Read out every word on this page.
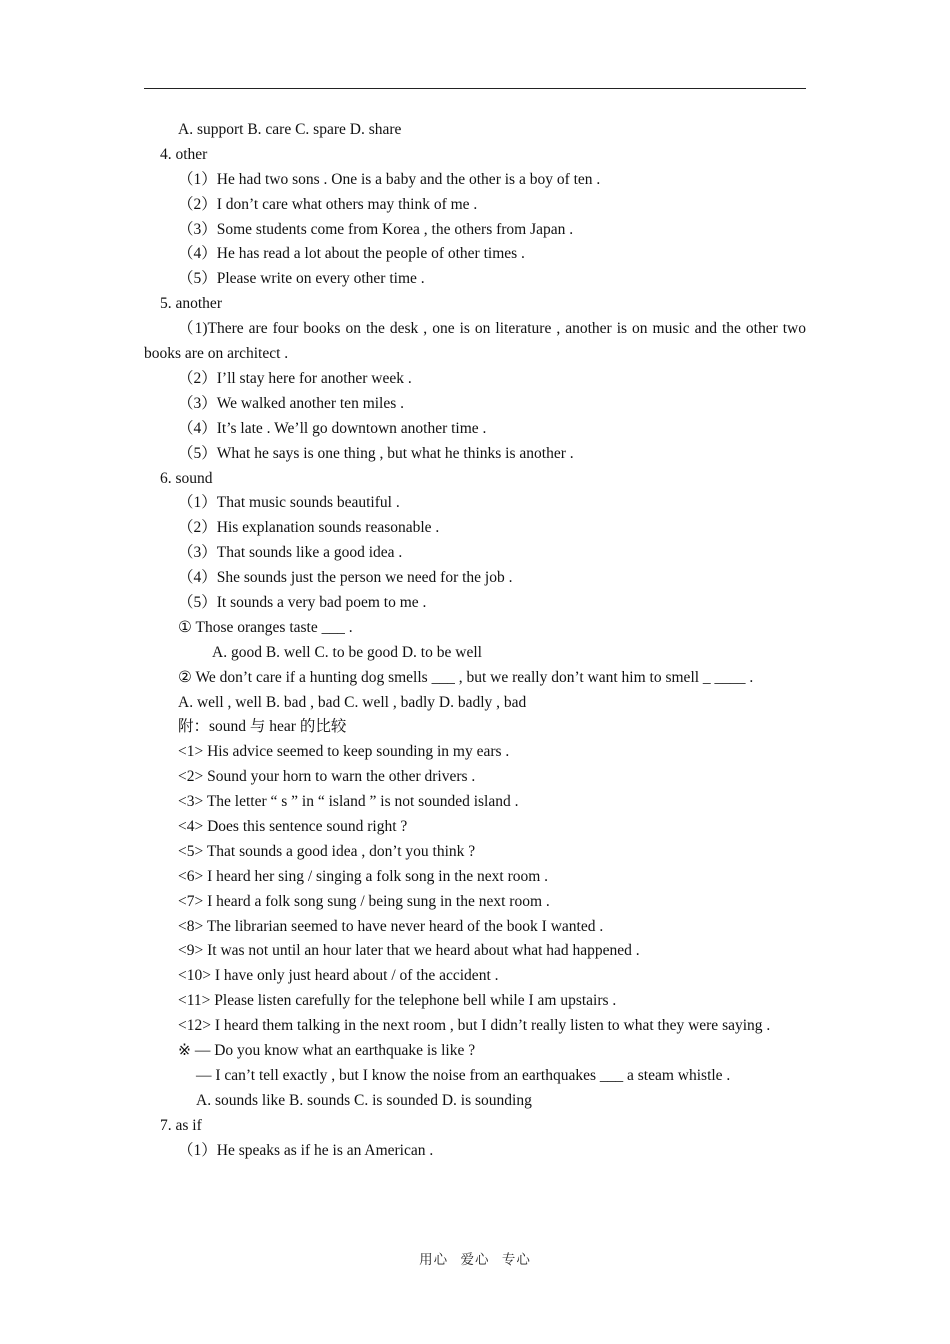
A. support B. care C. spare D. share
4. other
（1）He had two sons . One is a baby and the other is a boy of ten .
（2）I don’t care what others may think of me .
（3）Some students come from Korea , the others from Japan .
（4）He has read a lot about the people of other times .
（5）Please write on every other time .
5. another
（1)There are four books on the desk , one is on literature , another is on music and the other two books are on architect .
（2）I’ll stay here for another week .
（3）We walked another ten miles .
（4）It’s late . We’ll go downtown another time .
（5）What he says is one thing , but what he thinks is another .
6. sound
（1）That music sounds beautiful .
（2）His explanation sounds reasonable .
（3）That sounds like a good idea .
（4）She sounds just the person we need for the job .
（5）It sounds a very bad poem to me .
① Those oranges taste ___ .
A. good B. well C. to be good D. to be well
② We don’t care if a hunting dog smells ___ , but we really don’t want him to smell _ ____ .
A. well , well B. bad , bad C. well , badly D. badly , bad
附：sound 与 hear 的比较
<1> His advice seemed to keep sounding in my ears .
<2> Sound your horn to warn the other drivers .
<3> The letter “ s ” in “ island ” is not sounded island .
<4> Does this sentence sound right ?
<5> That sounds a good idea , don’t you think ?
<6> I heard her sing / singing a folk song in the next room .
<7> I heard a folk song sung / being sung in the next room .
<8> The librarian seemed to have never heard of the book I wanted .
<9> It was not until an hour later that we heard about what had happened .
<10> I have only just heard about / of the accident .
<11> Please listen carefully for the telephone bell while I am upstairs .
<12> I heard them talking in the next room , but I didn’t really listen to what they were saying .
※ — Do you know what an earthquake is like ?
— I can’t tell exactly , but I know the noise from an earthquakes ___ a steam whistle .
A. sounds like B. sounds C. is sounded D. is sounding
7. as if
（1）He speaks as if he is an American .
用心 爱心 专心
